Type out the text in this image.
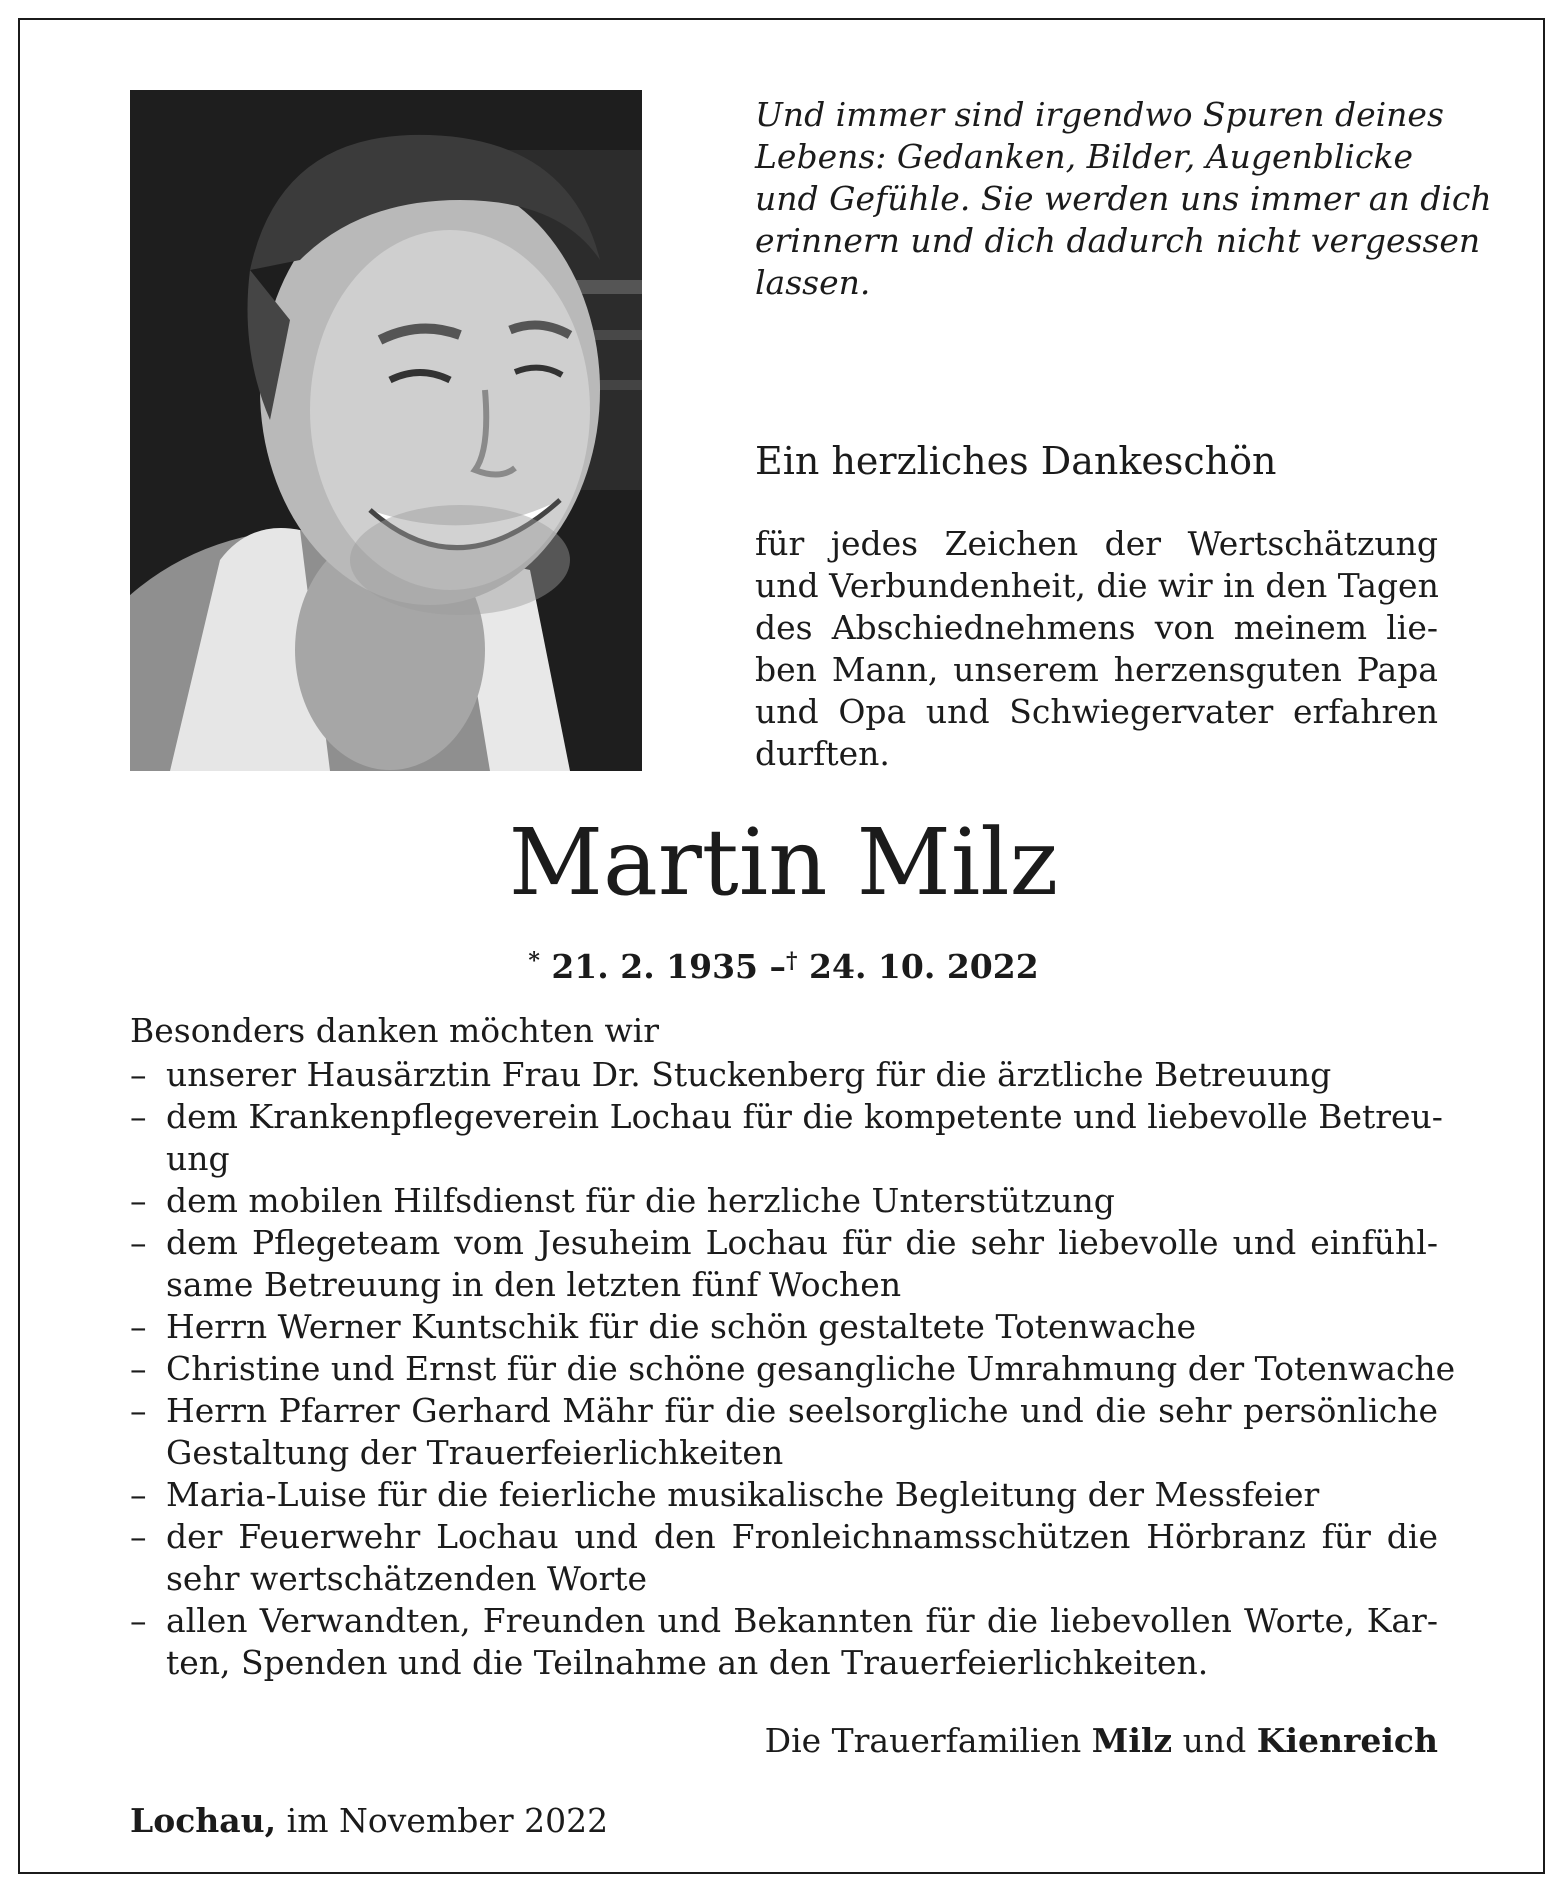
Und immer sind irgendwo Spuren deines
Lebens: Gedanken, Bilder, Augenblicke
und Gefühle. Sie werden uns immer an dich
erinnern und dich dadurch nicht vergessen
lassen.
Ein herzliches Dankeschön
für jedes Zeichen der Wertschätzung
und Verbundenheit, die wir in den Tagen
des Abschiednehmens von meinem lie-
ben Mann, unserem herzensguten Papa
und Opa und Schwiegervater erfahren
durften.
Martin Milz
* 21. 2. 1935 –† 24. 10. 2022
Besonders danken möchten wir
– unserer Hausärztin Frau Dr. Stuckenberg für die ärztliche Betreuung
– dem Krankenpflegeverein Lochau für die kompetente und liebevolle Betreu-
ung
– dem mobilen Hilfsdienst für die herzliche Unterstützung
– dem Pflegeteam vom Jesuheim Lochau für die sehr liebevolle und einfühl-
same Betreuung in den letzten fünf Wochen
– Herrn Werner Kuntschik für die schön gestaltete Totenwache
– Christine und Ernst für die schöne gesangliche Umrahmung der Totenwache
– Herrn Pfarrer Gerhard Mähr für die seelsorgliche und die sehr persönliche
Gestaltung der Trauerfeierlichkeiten
– Maria-Luise für die feierliche musikalische Begleitung der Messfeier
– der Feuerwehr Lochau und den Fronleichnamsschützen Hörbranz für die
sehr wertschätzenden Worte
– allen Verwandten, Freunden und Bekannten für die liebevollen Worte, Kar-
ten, Spenden und die Teilnahme an den Trauerfeierlichkeiten.
Die Trauerfamilien Milz und Kienreich
Lochau, im November 2022
